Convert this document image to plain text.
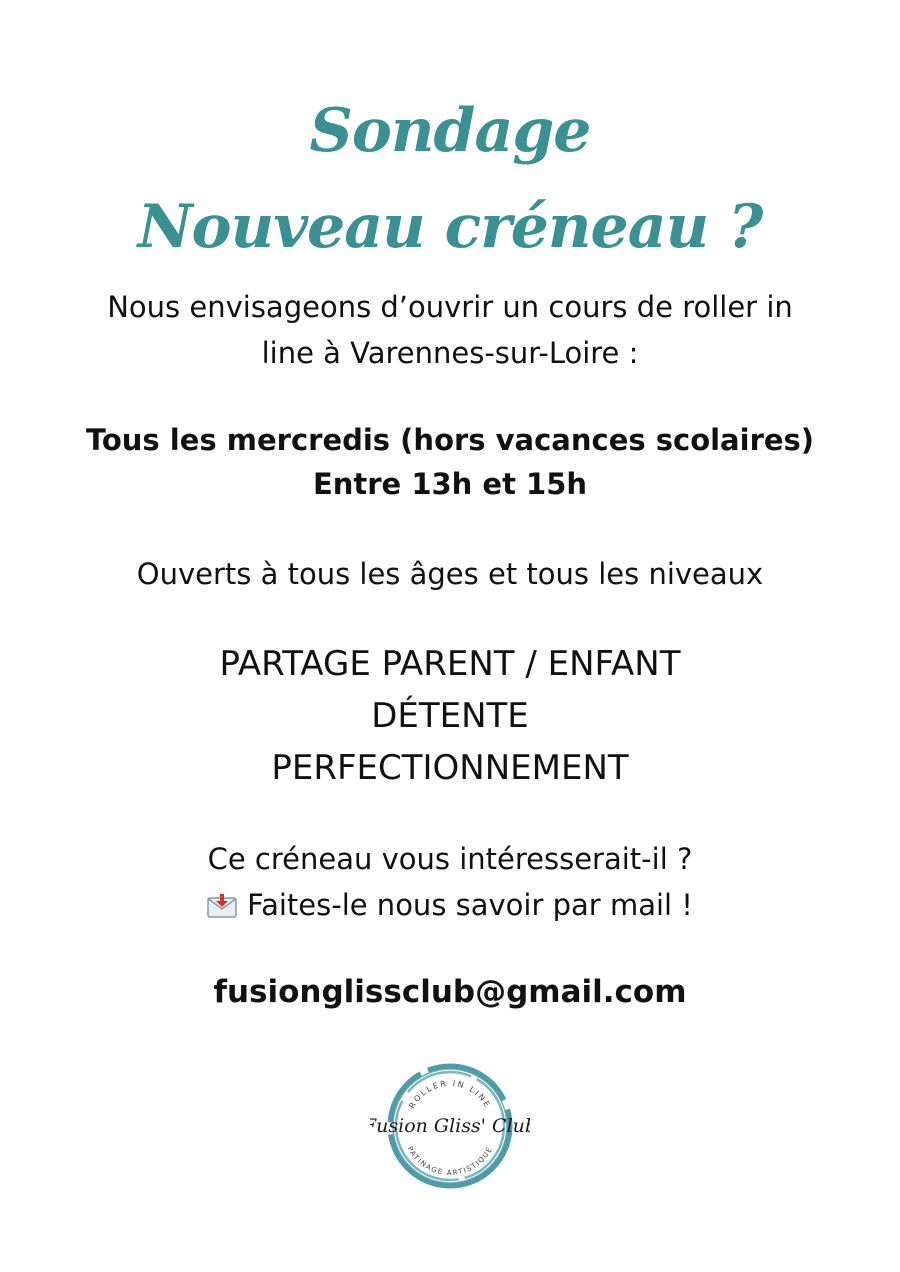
Sondage
Nouveau créneau ?
Nous envisageons d’ouvrir un cours de roller in
line à Varennes-sur-Loire :
Tous les mercredis (hors vacances scolaires)
Entre 13h et 15h
Ouverts à tous les âges et tous les niveaux
PARTAGE PARENT / ENFANT
DÉTENTE
PERFECTIONNEMENT
Ce créneau vous intéresserait-il ?
Faites-le nous savoir par mail !
fusionglissclub@gmail.com
ROLLER IN LINE
Fusion Gliss' Club
PATINAGE ARTISTIQUE
